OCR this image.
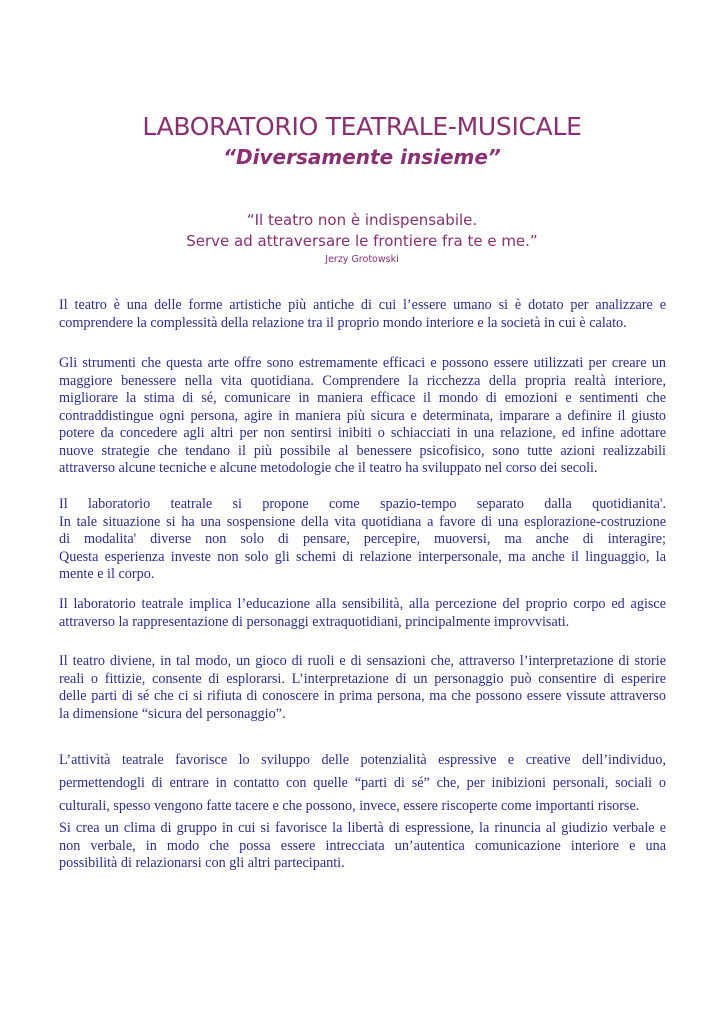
LABORATORIO TEATRALE-MUSICALE
“Diversamente insieme”
“Il teatro non è indispensabile.
Serve ad attraversare le frontiere fra te e me.”
Jerzy Grotowski
Il teatro è una delle forme artistiche più antiche di cui l’essere umano si è dotato per analizzare e
comprendere la complessità della relazione tra il proprio mondo interiore e la società in cui è calato.
Gli strumenti che questa arte offre sono estremamente efficaci e possono essere utilizzati per creare un
maggiore benessere nella vita quotidiana. Comprendere la ricchezza della propria realtà interiore,
migliorare la stima di sé, comunicare in maniera efficace il mondo di emozioni e sentimenti che
contraddistingue ogni persona, agire in maniera più sicura e determinata, imparare a definire il giusto
potere da concedere agli altri per non sentirsi inibiti o schiacciati in una relazione, ed infine adottare
nuove strategie che tendano il più possibile al benessere psicofisico, sono tutte azioni realizzabili
attraverso alcune tecniche e alcune metodologie che il teatro ha sviluppato nel corso dei secoli.
Il laboratorio teatrale si propone come spazio-tempo separato dalla quotidianita'.
In tale situazione si ha una sospensione della vita quotidiana a favore di una esplorazione-costruzione
di modalita' diverse non solo di pensare, percepire, muoversi, ma anche di interagire;
Questa esperienza investe non solo gli schemi di relazione interpersonale, ma anche il linguaggio, la
mente e il corpo.
Il laboratorio teatrale implica l’educazione alla sensibilità, alla percezione del proprio corpo ed agisce
attraverso la rappresentazione di personaggi extraquotidiani, principalmente improvvisati.
Il teatro diviene, in tal modo, un gioco di ruoli e di sensazioni che, attraverso l’interpretazione di storie
reali o fittizie, consente di esplorarsi. L’interpretazione di un personaggio può consentire di esperire
delle parti di sé che ci si rifiuta di conoscere in prima persona, ma che possono essere vissute attraverso
la dimensione “sicura del personaggio”.
L’attività teatrale favorisce lo sviluppo delle potenzialità espressive e creative dell’individuo,
permettendogli di entrare in contatto con quelle “parti di sé” che, per inibizioni personali, sociali o
culturali, spesso vengono fatte tacere e che possono, invece, essere riscoperte come importanti risorse.
Si crea un clima di gruppo in cui si favorisce la libertà di espressione, la rinuncia al giudizio verbale e
non verbale, in modo che possa essere intrecciata un’autentica comunicazione interiore e una
possibilità di relazionarsi con gli altri partecipanti.
